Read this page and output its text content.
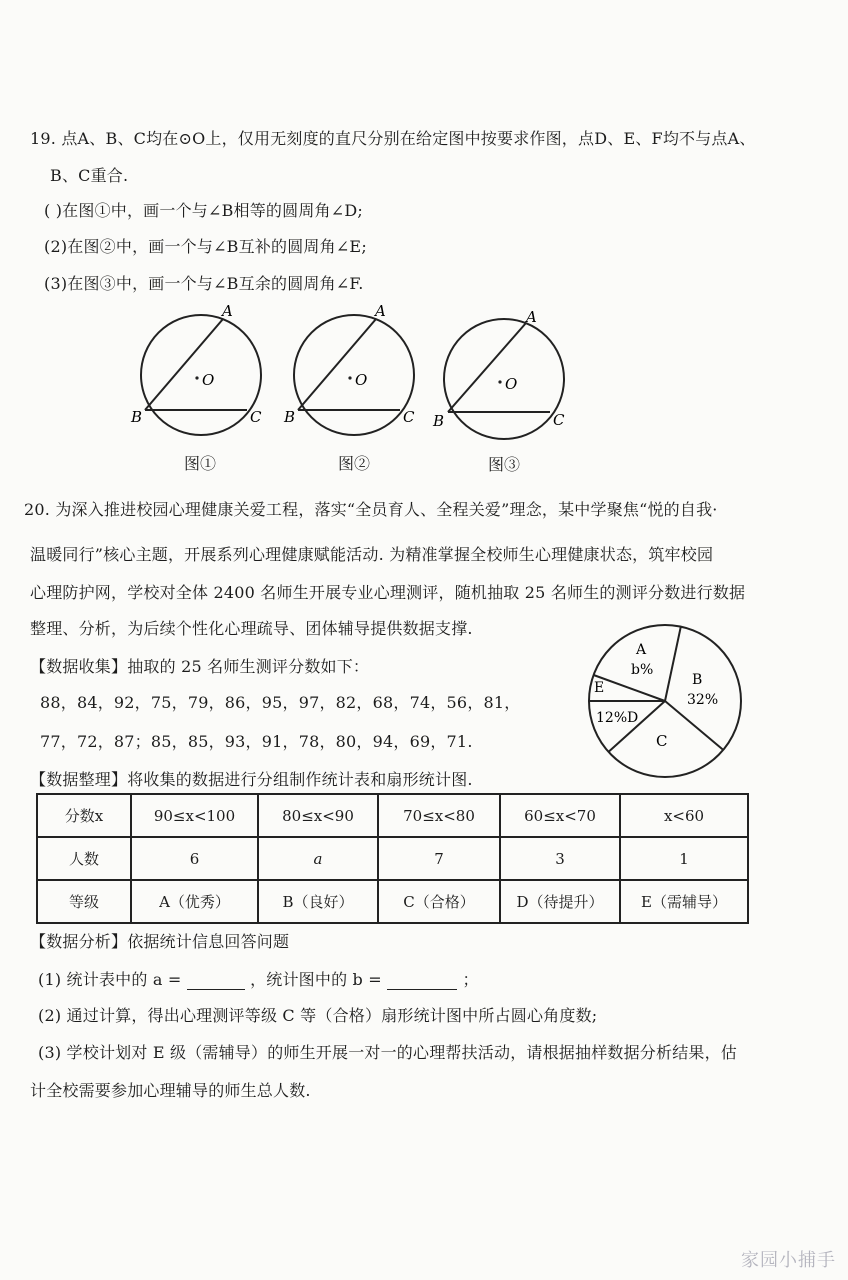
19. 点A、B、C均在⊙O上，仅用无刻度的直尺分别在给定图中按要求作图，点D、E、F均不与点A、
B、C重合.
( )在图①中，画一个与∠B相等的圆周角∠D;
(2)在图②中，画一个与∠B互补的圆周角∠E;
(3)在图③中，画一个与∠B互余的圆周角∠F.
A
B	C
O
图①
A
B	C
O
图②
A
B	C
O
图③
20. 为深入推进校园心理健康关爱工程，落实“全员育人、全程关爱”理念，某中学聚焦“悦的自我·
温暖同行”核心主题，开展系列心理健康赋能活动. 为精准掌握全校师生心理健康状态，筑牢校园
心理防护网，学校对全体 2400 名师生开展专业心理测评，随机抽取 25 名师生的测评分数进行数据
整理、分析，为后续个性化心理疏导、团体辅导提供数据支撑.
【数据收集】抽取的 25 名师生测评分数如下：
88，84，92，75，79，86，95，97，82，68，74，56，81，
77，72，87；85，85，93，91，78，80，94，69，71.
A
b%
B
32%
C
D
12%
E
【数据整理】将收集的数据进行分组制作统计表和扇形统计图.
分数x	90≤x<100	80≤x<90	70≤x<80	60≤x<70	x<60
人数	6	a	7	3	1
等级	A（优秀）	B（良好）	C（合格）	D（待提升）	E（需辅导）
【数据分析】依据统计信息回答问题
(1) 统计表中的 a =	，统计图中的 b =	；
(2) 通过计算，得出心理测评等级 C 等（合格）扇形统计图中所占圆心角度数;
(3) 学校计划对 E 级（需辅导）的师生开展一对一的心理帮扶活动，请根据抽样数据分析结果，估
计全校需要参加心理辅导的师生总人数.
家园小捕手
